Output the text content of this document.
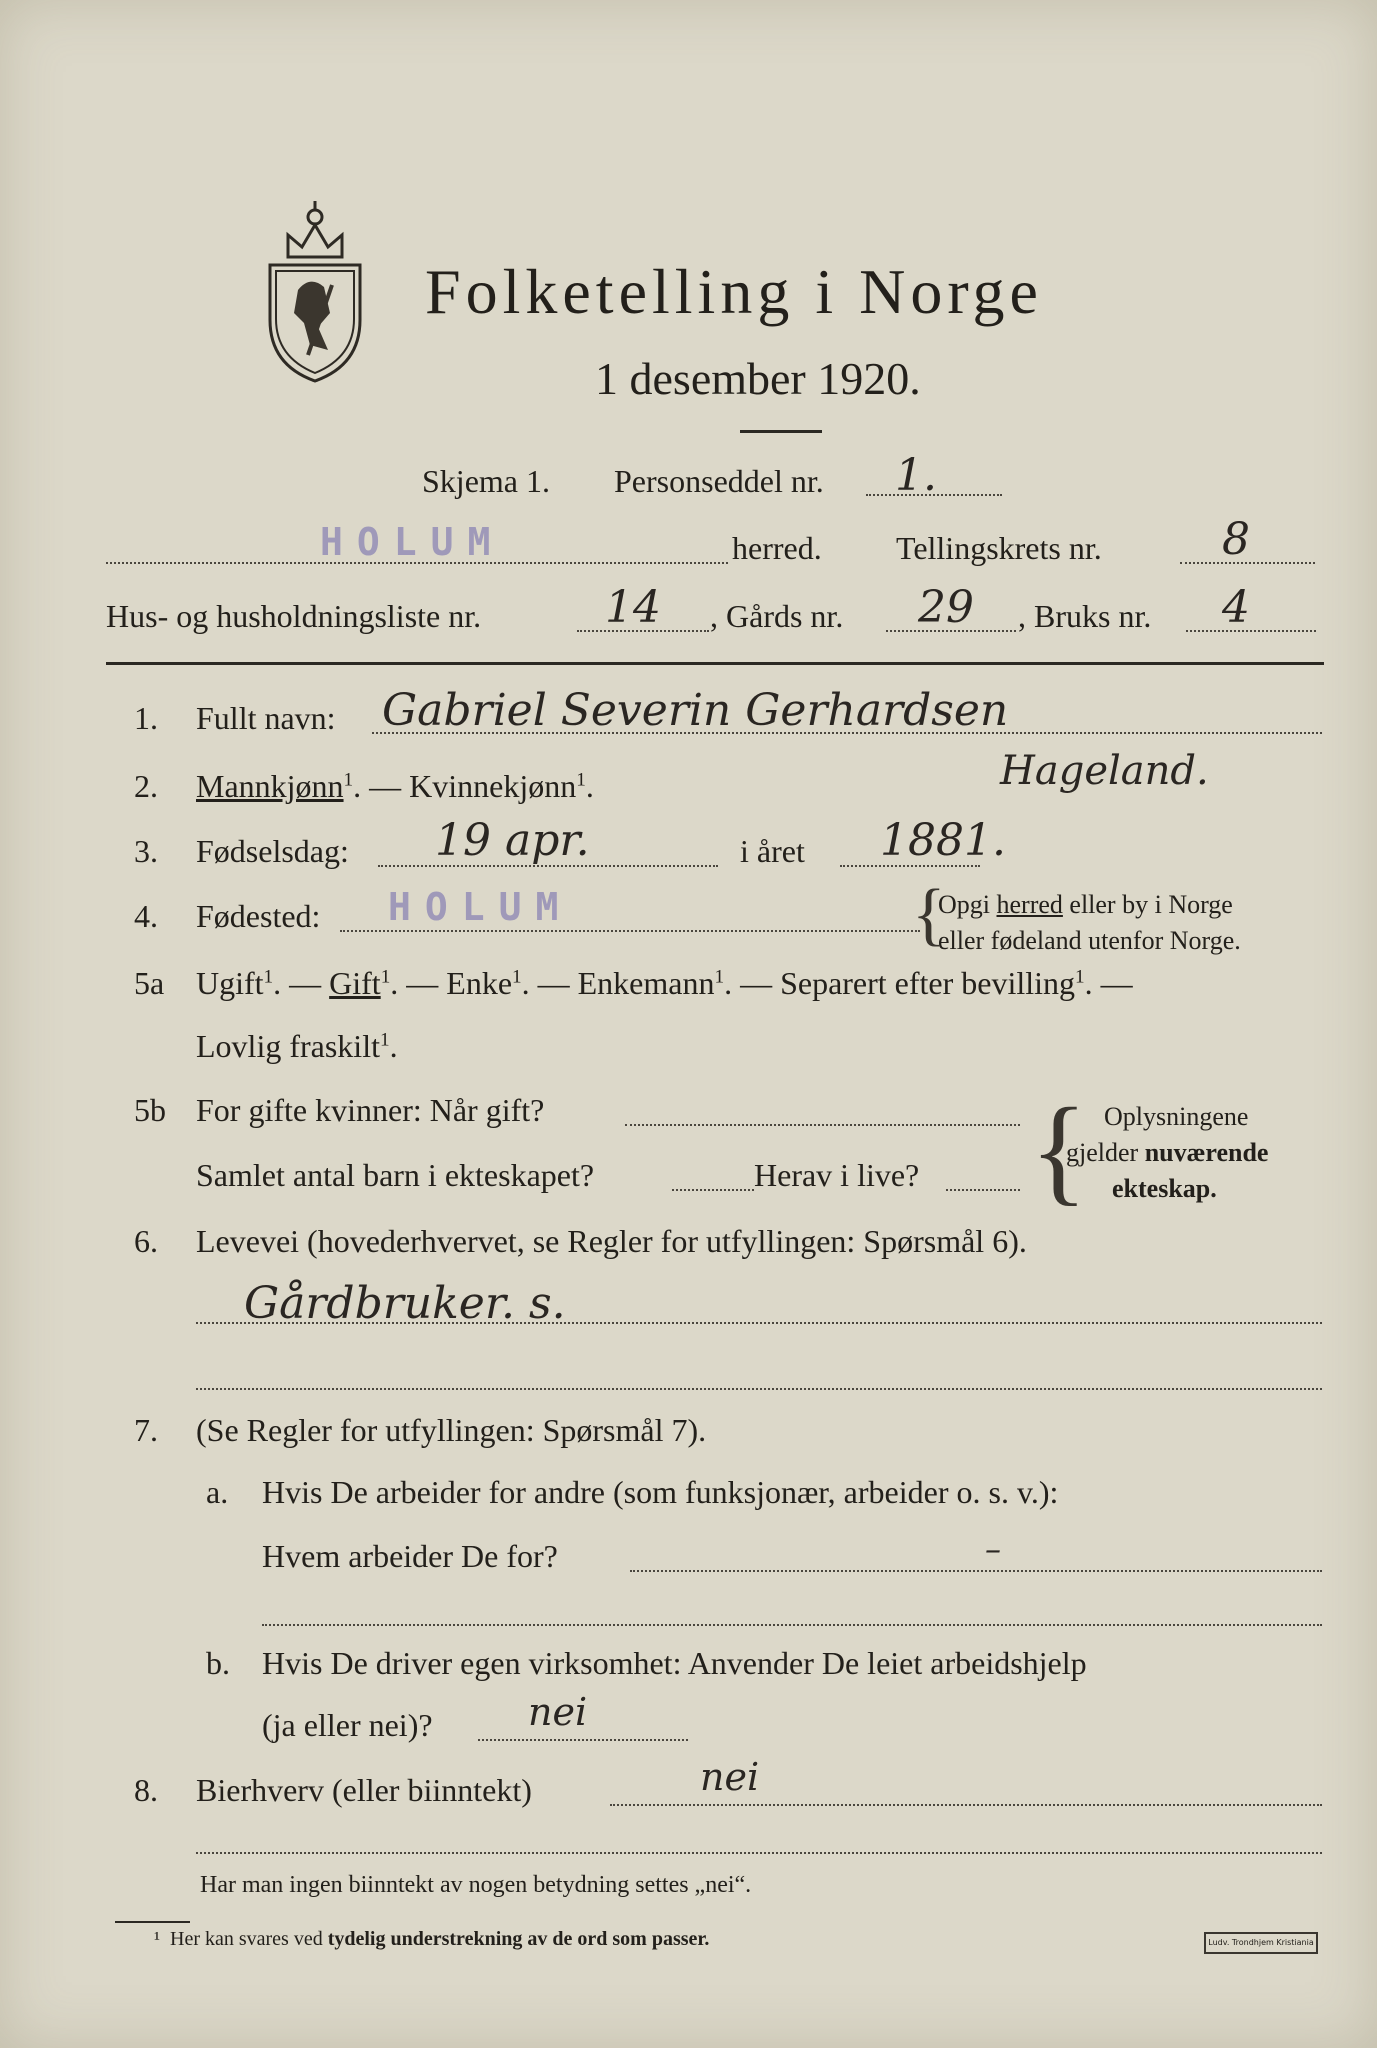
Folketelling i Norge
1 desember 1920.
Skjema 1. Personseddel nr. 1.
HOLUM	herred. Tellingskrets nr.	8
Hus- og husholdningsliste nr.	14 , Gårds nr. 29 , Bruks nr. 4
1. Fullt navn: Gabriel Severin Gerhardsen
Hageland.
2. Mannkjønn$^1$. — Kvinnekjønn$^1$.
3. Fødselsdag: 19 apr.	i året 1881.
4. Fødested: HOLUM	{
Opgi herred eller by i Norge
eller fødeland utenfor Norge.
5a Ugift$^1$. — Gift$^1$. — Enke$^1$. — Enkemann$^1$. — Separert efter bevilling$^1$. —
Lovlig fraskilt$^1$.
5b For gifte kvinner: Når gift?
Samlet antal barn i ekteskapet?	Herav i live? { Oplysningene
gjelder nuværende
ekteskap.
6. Levevei (hovederhvervet, se Regler for utfyllingen: Spørsmål 6).
Gårdbruker. s.
7. (Se Regler for utfyllingen: Spørsmål 7).
a. Hvis De arbeider for andre (som funksjonær, arbeider o. s. v.):
Hvem arbeider De for?	–
b. Hvis De driver egen virksomhet: Anvender De leiet arbeidshjelp
(ja eller nei)?	nei
8. Bierhverv (eller biinntekt)	nei
Har man ingen biinntekt av nogen betydning settes „nei“.
¹ Her kan svares ved tydelig understrekning av de ord som passer.	Ludv. Trondhjem Kristiania
